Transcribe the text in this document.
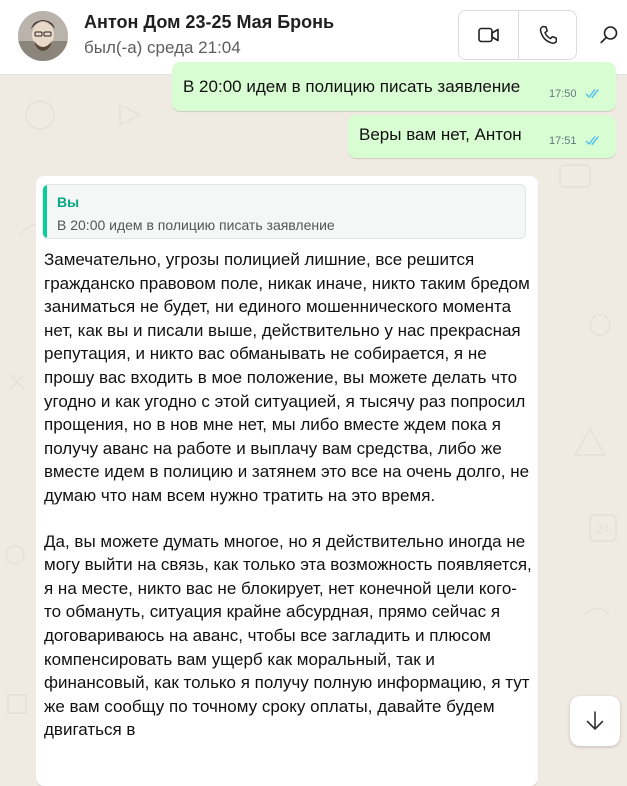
24
Антон Дом 23-25 Мая Бронь
был(-а) среда 21:04
В 20:00 идем в полицию писать заявление	17:50
Веры вам нет, Антон 17:51
Вы
В 20:00 идем в полицию писать заявление

Замечательно, угрозы полицией лишние, все решится гражданско правовом поле, никак иначе, никто таким бредом заниматься не будет, ни единого мошеннического момента нет, как вы и писали выше, действительно у нас прекрасная репутация, и никто вас обманывать не собирается, я не прошу вас входить в мое положение, вы можете делать что угодно и как угодно с этой ситуацией, я тысячу раз попросил прощения, но в нов мне нет, мы либо вместе ждем пока я получу аванс на работе и выплачу вам средства, либо же вместе идем в полицию и затянем это все на очень долго, не думаю что нам всем нужно тратить на это время.

Да, вы можете думать многое, но я действительно иногда не могу выйти на связь, как только эта возможность появляется, я на месте, никто вас не блокирует, нет конечной цели кого-то обмануть, ситуация крайне абсурдная, прямо сейчас я договариваюсь на аванс, чтобы все загладить и плюсом компенсировать вам ущерб как моральный, так и финансовый, как только я получу полную информацию, я тут же вам сообщу по точному сроку оплаты, давайте будем двигаться в
